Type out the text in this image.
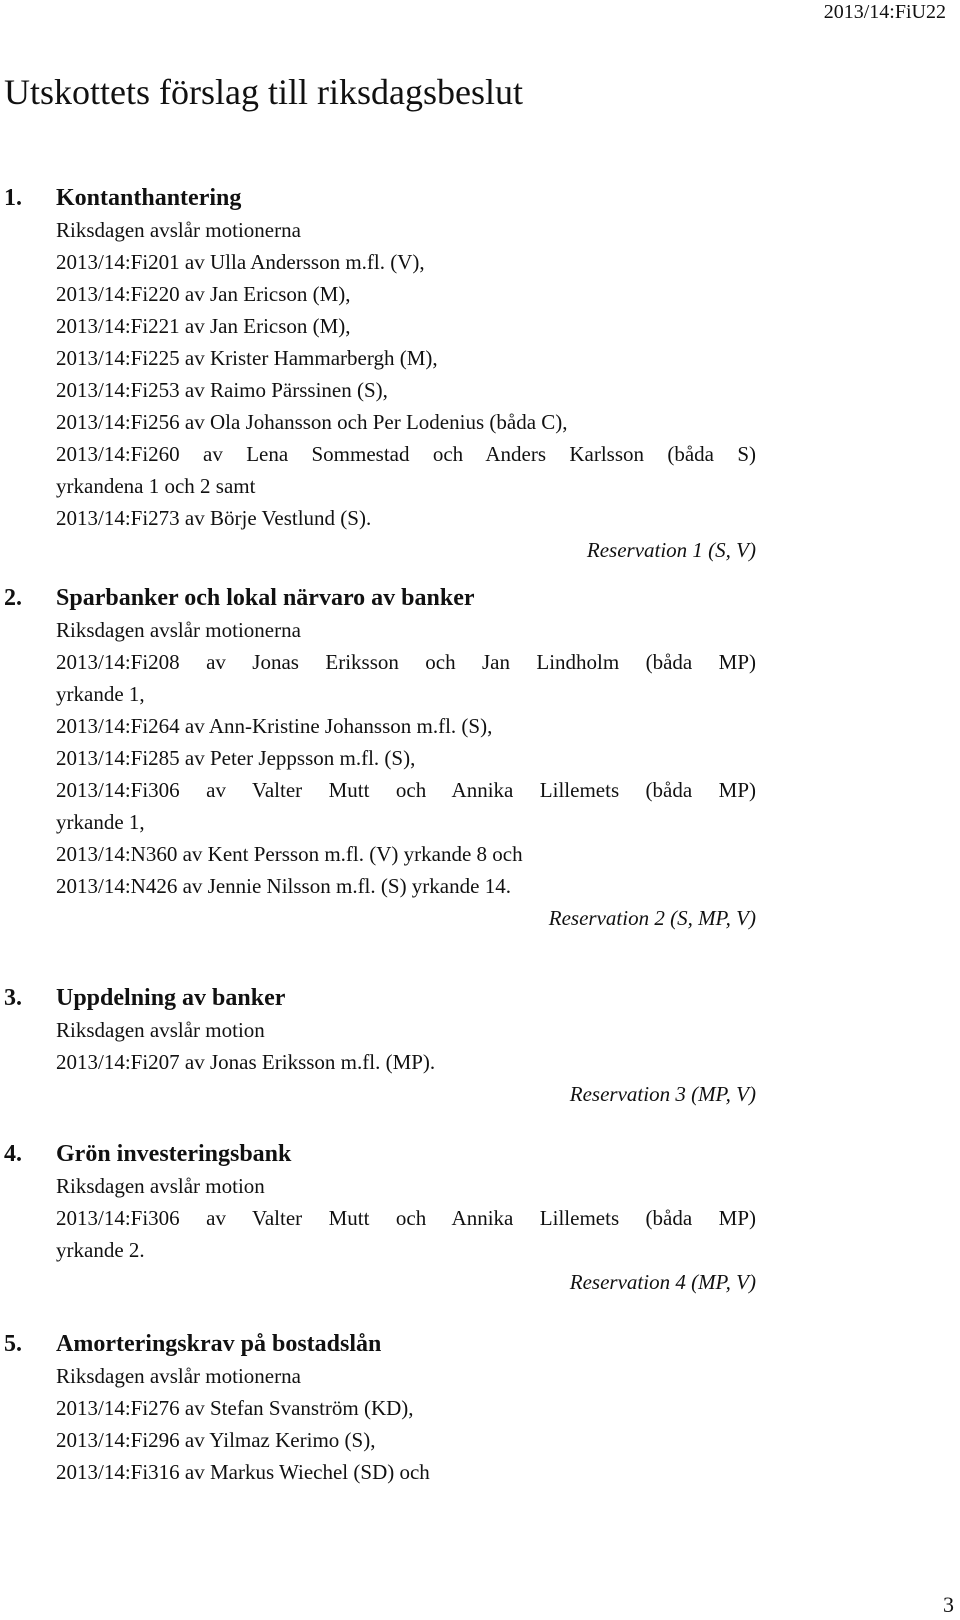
2013/14:FiU22
Utskottets förslag till riksdagsbeslut
1. Kontanthantering
Riksdagen avslår motionerna
2013/14:Fi201 av Ulla Andersson m.fl. (V),
2013/14:Fi220 av Jan Ericson (M),
2013/14:Fi221 av Jan Ericson (M),
2013/14:Fi225 av Krister Hammarbergh (M),
2013/14:Fi253 av Raimo Pärssinen (S),
2013/14:Fi256 av Ola Johansson och Per Lodenius (båda C),
2013/14:Fi260 av Lena Sommestad och Anders Karlsson (båda S)
yrkandena 1 och 2 samt
2013/14:Fi273 av Börje Vestlund (S).
Reservation 1 (S, V)
2. Sparbanker och lokal närvaro av banker
Riksdagen avslår motionerna
2013/14:Fi208 av Jonas Eriksson och Jan Lindholm (båda MP)
yrkande 1,
2013/14:Fi264 av Ann-Kristine Johansson m.fl. (S),
2013/14:Fi285 av Peter Jeppsson m.fl. (S),
2013/14:Fi306 av Valter Mutt och Annika Lillemets (båda MP)
yrkande 1,
2013/14:N360 av Kent Persson m.fl. (V) yrkande 8 och
2013/14:N426 av Jennie Nilsson m.fl. (S) yrkande 14.
Reservation 2 (S, MP, V)
3. Uppdelning av banker
Riksdagen avslår motion
2013/14:Fi207 av Jonas Eriksson m.fl. (MP).
Reservation 3 (MP, V)
4. Grön investeringsbank
Riksdagen avslår motion
2013/14:Fi306 av Valter Mutt och Annika Lillemets (båda MP)
yrkande 2.
Reservation 4 (MP, V)
5. Amorteringskrav på bostadslån
Riksdagen avslår motionerna
2013/14:Fi276 av Stefan Svanström (KD),
2013/14:Fi296 av Yilmaz Kerimo (S),
2013/14:Fi316 av Markus Wiechel (SD) och
3
